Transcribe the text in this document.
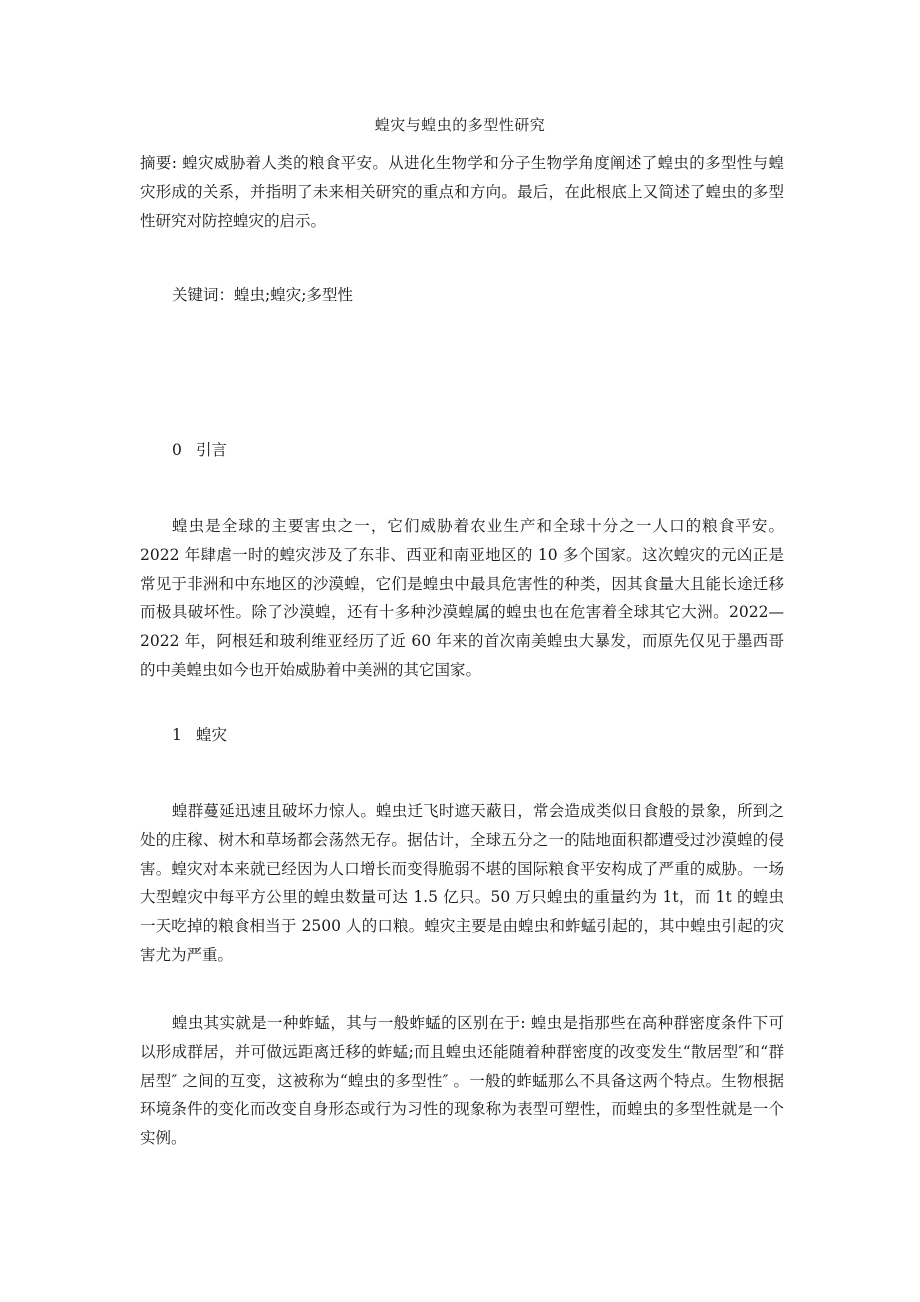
蝗灾与蝗虫的多型性研究

摘要: 蝗灾威胁着人类的粮食平安。从进化生物学和分子生物学角度阐述了蝗虫的多型性与蝗灾形成的关系，并指明了未来相关研究的重点和方向。最后，在此根底上又简述了蝗虫的多型性研究对防控蝗灾的启示。

关键词：蝗虫;蝗灾;多型性

0 引言

蝗虫是全球的主要害虫之一，它们威胁着农业生产和全球十分之一人口的粮食平安。2022 年肆虐一时的蝗灾涉及了东非、西亚和南亚地区的 10 多个国家。这次蝗灾的元凶正是常见于非洲和中东地区的沙漠蝗，它们是蝗虫中最具危害性的种类，因其食量大且能长途迁移而极具破坏性。除了沙漠蝗，还有十多种沙漠蝗属的蝗虫也在危害着全球其它大洲。2022—2022 年，阿根廷和玻利维亚经历了近 60 年来的首次南美蝗虫大暴发，而原先仅见于墨西哥的中美蝗虫如今也开始威胁着中美洲的其它国家。

1 蝗灾

蝗群蔓延迅速且破坏力惊人。蝗虫迁飞时遮天蔽日，常会造成类似日食般的景象，所到之处的庄稼、树木和草场都会荡然无存。据估计，全球五分之一的陆地面积都遭受过沙漠蝗的侵害。蝗灾对本来就已经因为人口增长而变得脆弱不堪的国际粮食平安构成了严重的威胁。一场大型蝗灾中每平方公里的蝗虫数量可达 1.5 亿只。50 万只蝗虫的重量约为 1t，而 1t 的蝗虫一天吃掉的粮食相当于 2500 人的口粮。蝗灾主要是由蝗虫和蚱蜢引起的，其中蝗虫引起的灾害尤为严重。

蝗虫其实就是一种蚱蜢，其与一般蚱蜢的区别在于: 蝗虫是指那些在高种群密度条件下可以形成群居，并可做远距离迁移的蚱蜢;而且蝗虫还能随着种群密度的改变发生“散居型″和“群居型″ 之间的互变，这被称为“蝗虫的多型性″ 。一般的蚱蜢那么不具备这两个特点。生物根据环境条件的变化而改变自身形态或行为习性的现象称为表型可塑性，而蝗虫的多型性就是一个实例。
